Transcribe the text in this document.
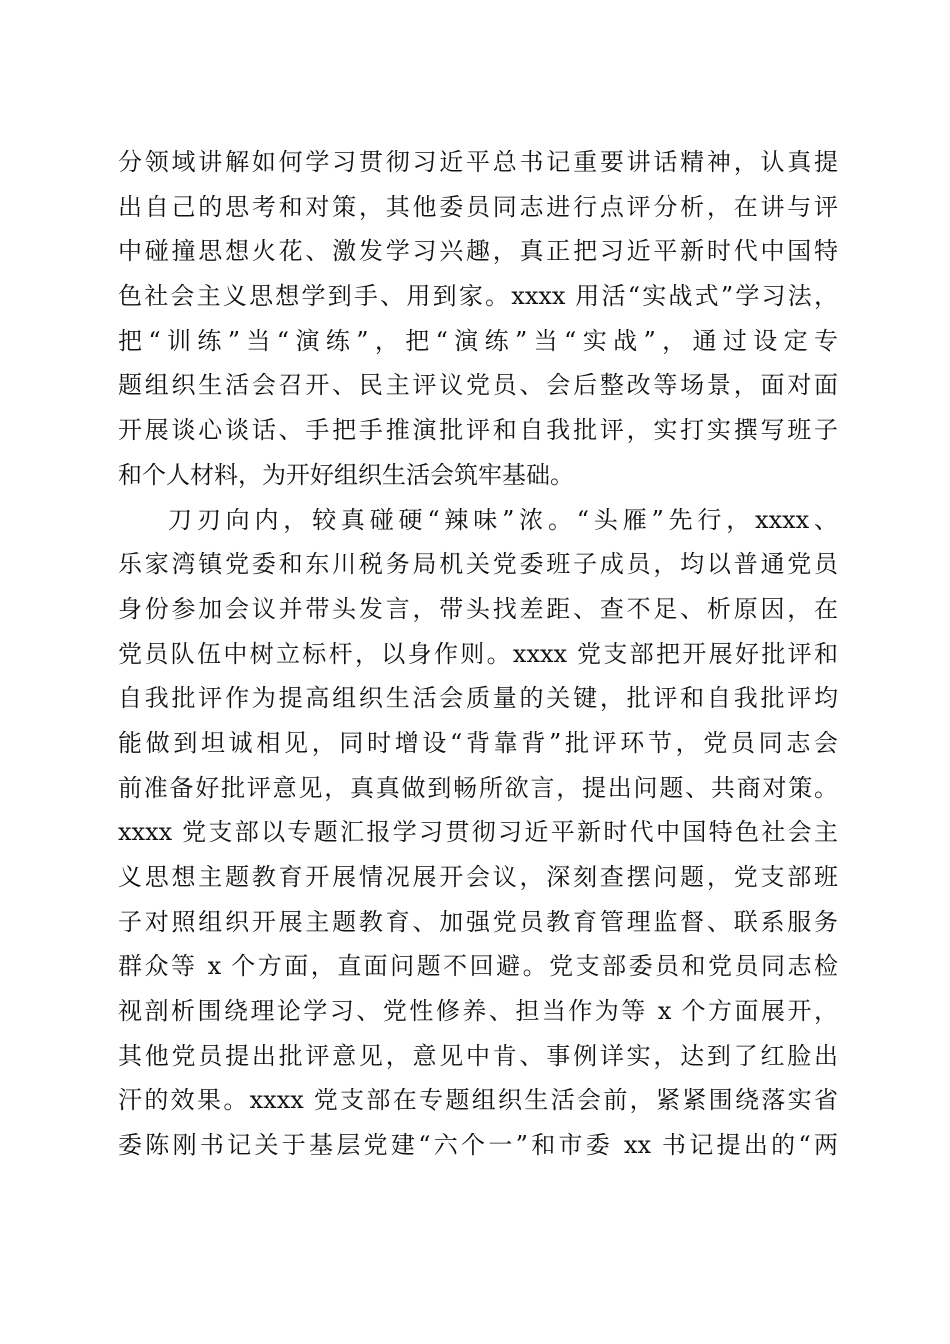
分领域讲解如何学习贯彻习近平总书记重要讲话精神，认真提
出自己的思考和对策，其他委员同志进行点评分析，在讲与评
中碰撞思想火花、激发学习兴趣，真正把习近平新时代中国特
色社会主义思想学到手、用到家。xxxx 用活“实战式”学习法，
把“训练”当“演练”，把“演练”当“实战”，通过设定专
题组织生活会召开、民主评议党员、会后整改等场景，面对面
开展谈心谈话、手把手推演批评和自我批评，实打实撰写班子
和个人材料，为开好组织生活会筑牢基础。
刀刃向内，较真碰硬“辣味”浓。“头雁”先行，xxxx、
乐家湾镇党委和东川税务局机关党委班子成员，均以普通党员
身份参加会议并带头发言，带头找差距、查不足、析原因，在
党员队伍中树立标杆，以身作则。xxxx 党支部把开展好批评和
自我批评作为提高组织生活会质量的关键，批评和自我批评均
能做到坦诚相见，同时增设“背靠背”批评环节，党员同志会
前准备好批评意见，真真做到畅所欲言，提出问题、共商对策。
xxxx 党支部以专题汇报学习贯彻习近平新时代中国特色社会主
义思想主题教育开展情况展开会议，深刻查摆问题，党支部班
子对照组织开展主题教育、加强党员教育管理监督、联系服务
群众等 x 个方面，直面问题不回避。党支部委员和党员同志检
视剖析围绕理论学习、党性修养、担当作为等 x 个方面展开，
其他党员提出批评意见，意见中肯、事例详实，达到了红脸出
汗的效果。xxxx 党支部在专题组织生活会前，紧紧围绕落实省
委陈刚书记关于基层党建“六个一”和市委 xx 书记提出的“两
